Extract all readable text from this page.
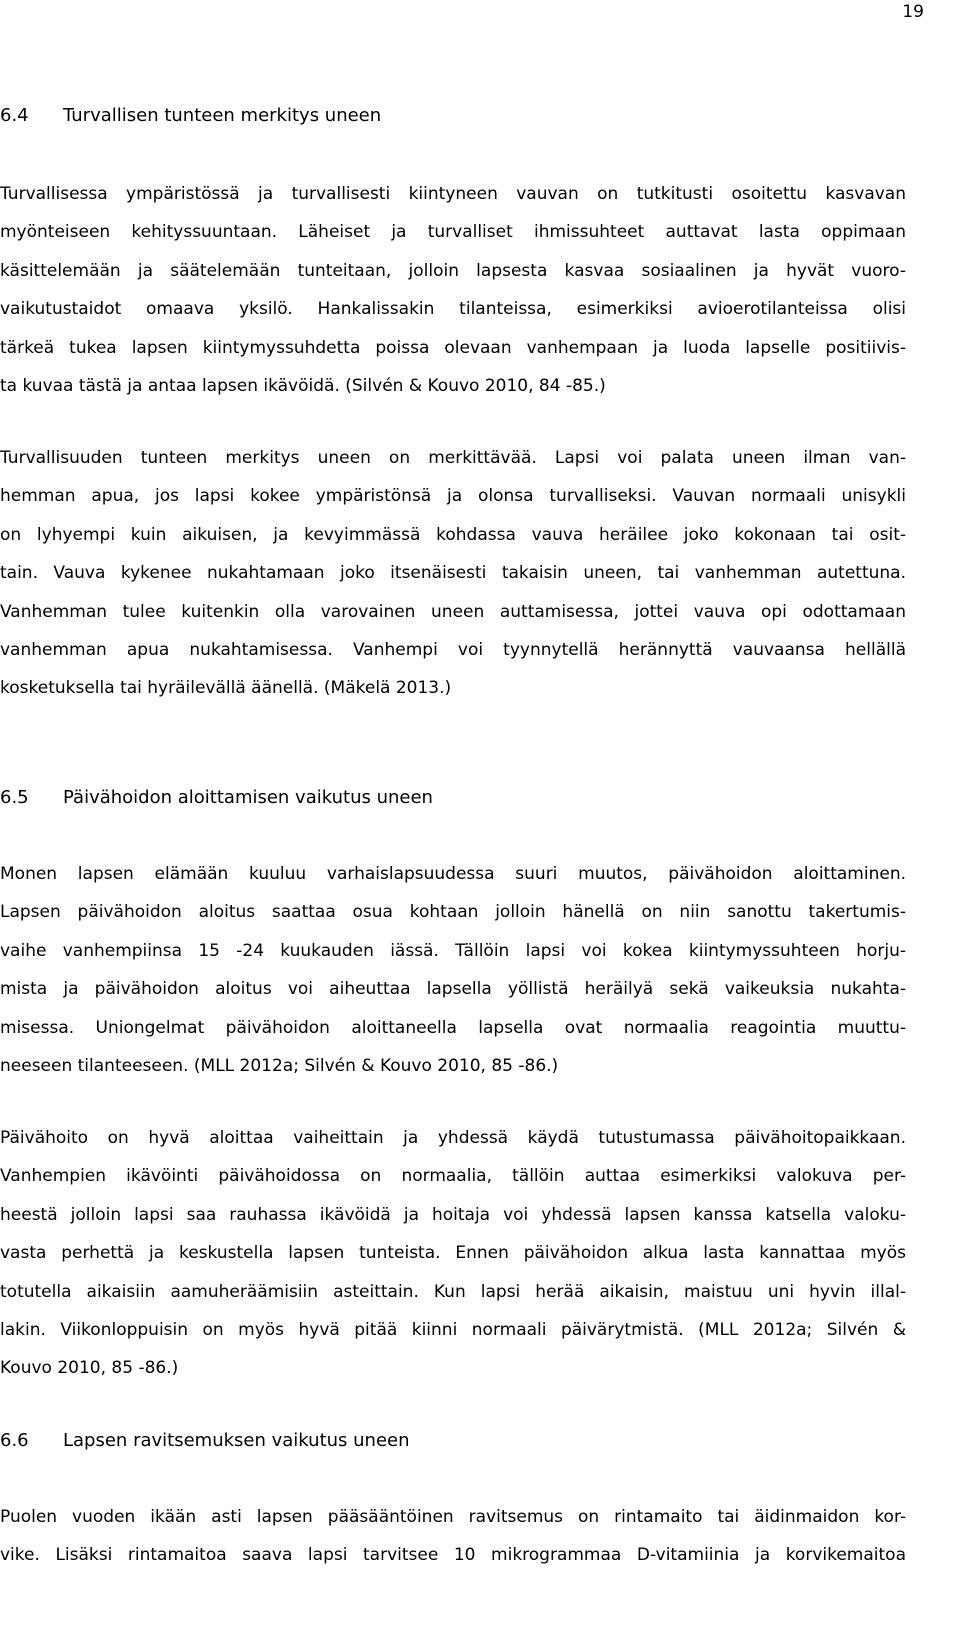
19
6.4 Turvallisen tunteen merkitys uneen
Turvallisessa ympäristössä ja turvallisesti kiintyneen vauvan on tutkitusti osoitettu kasvavan
myönteiseen kehityssuuntaan. Läheiset ja turvalliset ihmissuhteet auttavat lasta oppimaan
käsittelemään ja säätelemään tunteitaan, jolloin lapsesta kasvaa sosiaalinen ja hyvät vuoro-
vaikutustaidot omaava yksilö. Hankalissakin tilanteissa, esimerkiksi avioerotilanteissa olisi
tärkeä tukea lapsen kiintymyssuhdetta poissa olevaan vanhempaan ja luoda lapselle positiivis-
ta kuvaa tästä ja antaa lapsen ikävöidä. (Silvén & Kouvo 2010, 84 -85.)
Turvallisuuden tunteen merkitys uneen on merkittävää. Lapsi voi palata uneen ilman van-
hemman apua, jos lapsi kokee ympäristönsä ja olonsa turvalliseksi. Vauvan normaali unisykli
on lyhyempi kuin aikuisen, ja kevyimmässä kohdassa vauva heräilee joko kokonaan tai osit-
tain. Vauva kykenee nukahtamaan joko itsenäisesti takaisin uneen, tai vanhemman autettuna.
Vanhemman tulee kuitenkin olla varovainen uneen auttamisessa, jottei vauva opi odottamaan
vanhemman apua nukahtamisessa. Vanhempi voi tyynnytellä herännyttä vauvaansa hellällä
kosketuksella tai hyräilevällä äänellä. (Mäkelä 2013.)
6.5 Päivähoidon aloittamisen vaikutus uneen
Monen lapsen elämään kuuluu varhaislapsuudessa suuri muutos, päivähoidon aloittaminen.
Lapsen päivähoidon aloitus saattaa osua kohtaan jolloin hänellä on niin sanottu takertumis-
vaihe vanhempiinsa 15 -24 kuukauden iässä. Tällöin lapsi voi kokea kiintymyssuhteen horju-
mista ja päivähoidon aloitus voi aiheuttaa lapsella yöllistä heräilyä sekä vaikeuksia nukahta-
misessa. Uniongelmat päivähoidon aloittaneella lapsella ovat normaalia reagointia muuttu-
neeseen tilanteeseen. (MLL 2012a; Silvén & Kouvo 2010, 85 -86.)
Päivähoito on hyvä aloittaa vaiheittain ja yhdessä käydä tutustumassa päivähoitopaikkaan.
Vanhempien ikävöinti päivähoidossa on normaalia, tällöin auttaa esimerkiksi valokuva per-
heestä jolloin lapsi saa rauhassa ikävöidä ja hoitaja voi yhdessä lapsen kanssa katsella valoku-
vasta perhettä ja keskustella lapsen tunteista. Ennen päivähoidon alkua lasta kannattaa myös
totutella aikaisiin aamuheräämisiin asteittain. Kun lapsi herää aikaisin, maistuu uni hyvin illal-
lakin. Viikonloppuisin on myös hyvä pitää kiinni normaali päivärytmistä. (MLL 2012a; Silvén &
Kouvo 2010, 85 -86.)
6.6 Lapsen ravitsemuksen vaikutus uneen
Puolen vuoden ikään asti lapsen pääsääntöinen ravitsemus on rintamaito tai äidinmaidon kor-
vike. Lisäksi rintamaitoa saava lapsi tarvitsee 10 mikrogrammaa D-vitamiinia ja korvikemaitoa
